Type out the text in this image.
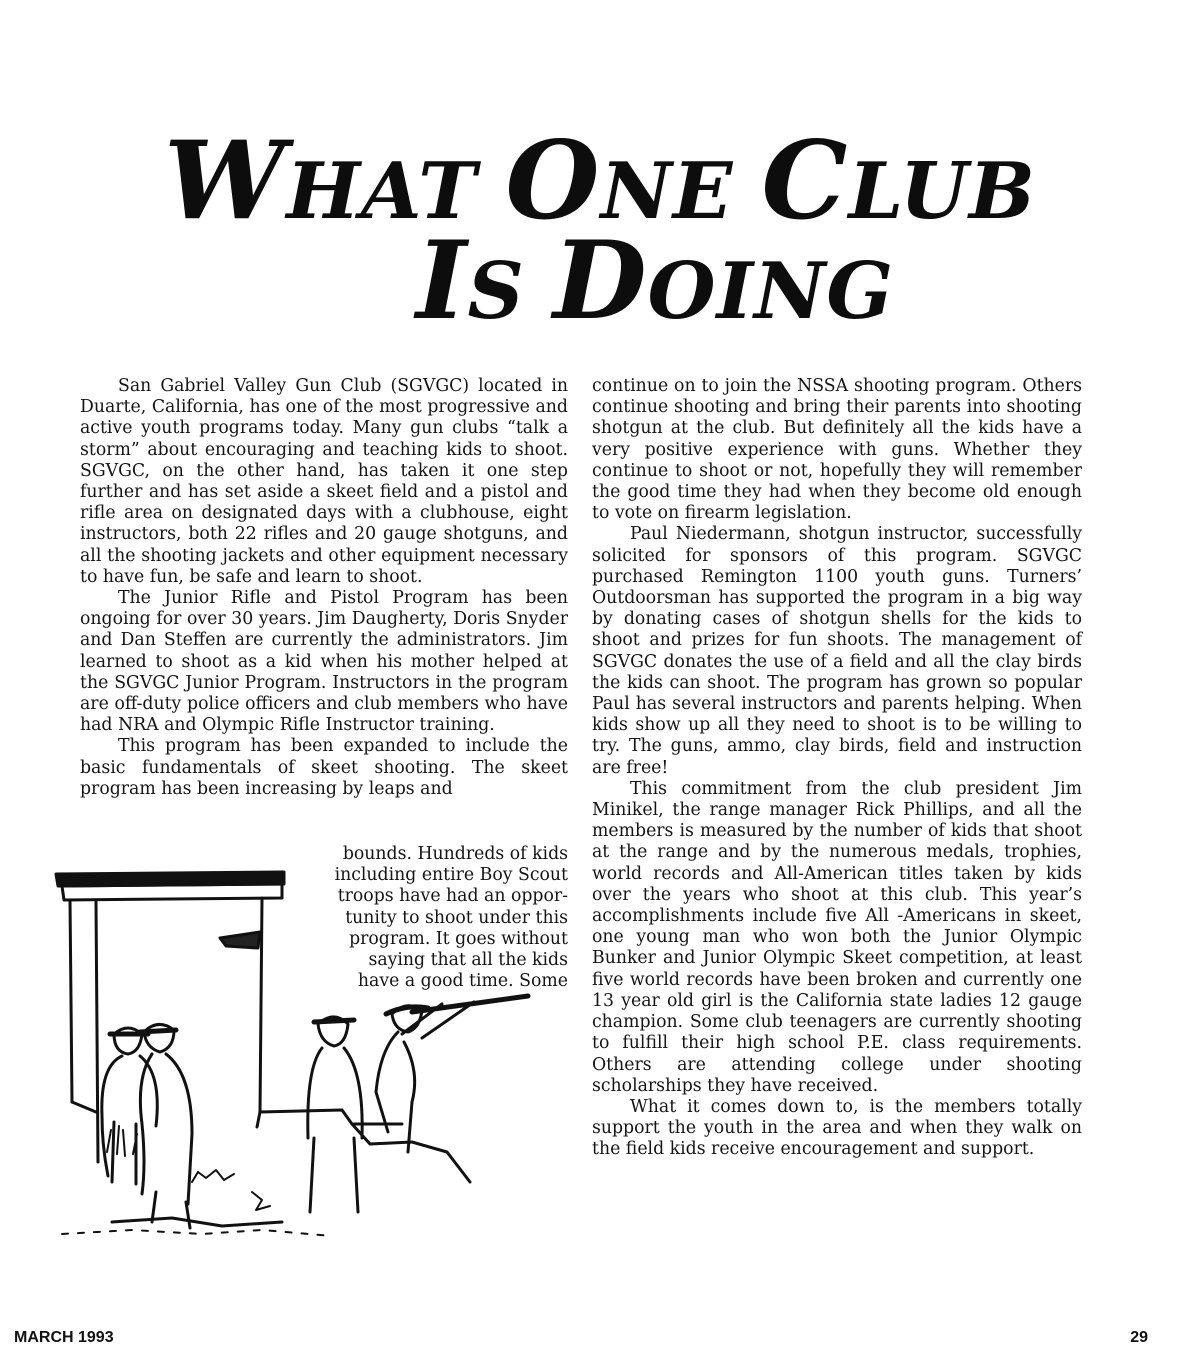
WHAT ONE CLUB
IS DOING

San Gabriel Valley Gun Club (SGVGC) located in Duarte, California, has one of the most progressive and active youth programs today. Many gun clubs “talk a storm” about encouraging and teaching kids to shoot. SGVGC, on the other hand, has taken it one step further and has set aside a skeet field and a pistol and rifle area on designated days with a clubhouse, eight instructors, both 22 rifles and 20 gauge shotguns, and all the shooting jackets and other equipment necessary to have fun, be safe and learn to shoot.

The Junior Rifle and Pistol Program has been ongoing for over 30 years. Jim Daugherty, Doris Snyder and Dan Steffen are currently the administrators. Jim learned to shoot as a kid when his mother helped at the SGVGC Junior Program. Instructors in the program are off-duty police officers and club members who have had NRA and Olympic Rifle Instructor training.

This program has been expanded to include the basic fundamentals of skeet shooting. The skeet program has been increasing by leaps and

bounds. Hundreds of kids
including entire Boy Scout
troops have had an oppor-
tunity to shoot under this
program. It goes without
saying that all the kids
have a good time. Some

continue on to join the NSSA shooting program. Others continue shooting and bring their parents into shooting shotgun at the club. But definitely all the kids have a very positive experience with guns. Whether they continue to shoot or not, hopefully they will remember the good time they had when they become old enough to vote on firearm legislation.

Paul Niedermann, shotgun instructor, successfully solicited for sponsors of this program. SGVGC purchased Remington 1100 youth guns. Turners’ Outdoorsman has supported the program in a big way by donating cases of shotgun shells for the kids to shoot and prizes for fun shoots. The management of SGVGC donates the use of a field and all the clay birds the kids can shoot. The program has grown so popular Paul has several instructors and parents helping. When kids show up all they need to shoot is to be willing to try. The guns, ammo, clay birds, field and instruction are free!

This commitment from the club president Jim Minikel, the range manager Rick Phillips, and all the members is measured by the number of kids that shoot at the range and by the numerous medals, trophies, world records and All-American titles taken by kids over the years who shoot at this club. This year’s accomplishments include five All -Americans in skeet, one young man who won both the Junior Olympic Bunker and Junior Olympic Skeet competition, at least five world records have been broken and currently one 13 year old girl is the California state ladies 12 gauge champion. Some club teenagers are currently shooting to fulfill their high school P.E. class requirements. Others are attending college under shooting scholarships they have received.

What it comes down to, is the members totally support the youth in the area and when they walk on the field kids receive encouragement and support.

MARCH 1993	29
